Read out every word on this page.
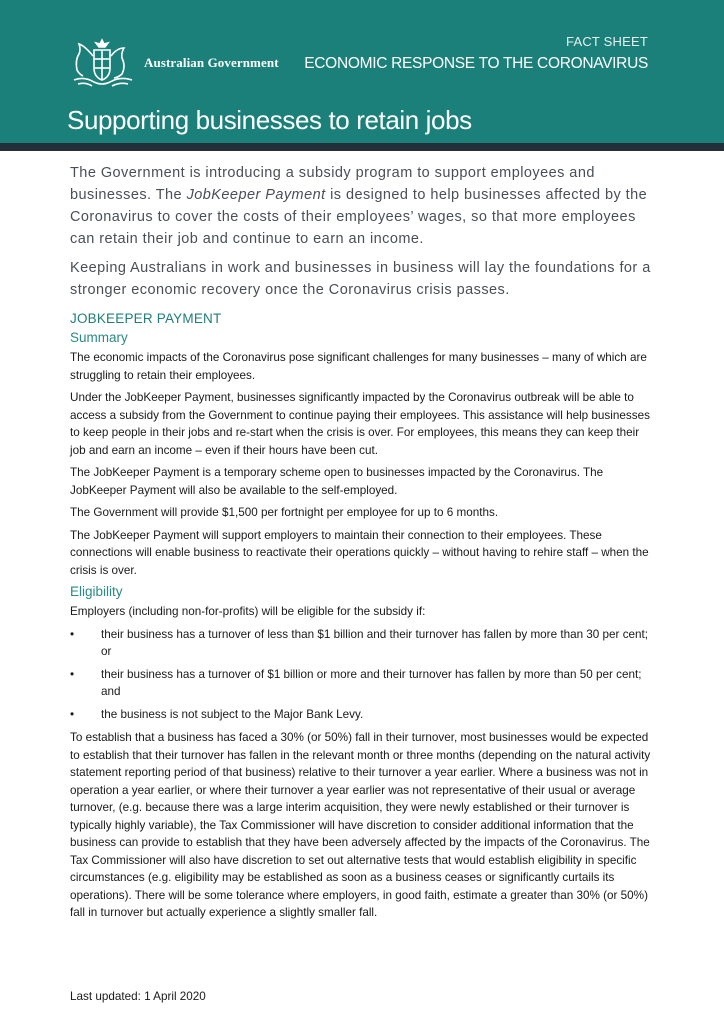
Australian Government
FACT SHEET
ECONOMIC RESPONSE TO THE CORONAVIRUS
Supporting businesses to retain jobs

The Government is introducing a subsidy program to support employees and businesses. The JobKeeper Payment is designed to help businesses affected by the Coronavirus to cover the costs of their employees’ wages, so that more employees can retain their job and continue to earn an income.

Keeping Australians in work and businesses in business will lay the foundations for a stronger economic recovery once the Coronavirus crisis passes.

JOBKEEPER PAYMENT
Summary

The economic impacts of the Coronavirus pose significant challenges for many businesses – many of which are struggling to retain their employees.

Under the JobKeeper Payment, businesses significantly impacted by the Coronavirus outbreak will be able to access a subsidy from the Government to continue paying their employees. This assistance will help businesses to keep people in their jobs and re-start when the crisis is over. For employees, this means they can keep their job and earn an income – even if their hours have been cut.

The JobKeeper Payment is a temporary scheme open to businesses impacted by the Coronavirus. The JobKeeper Payment will also be available to the self-employed.

The Government will provide $1,500 per fortnight per employee for up to 6 months.

The JobKeeper Payment will support employers to maintain their connection to their employees. These connections will enable business to reactivate their operations quickly – without having to rehire staff – when the crisis is over.

Eligibility

Employers (including non-for-profits) will be eligible for the subsidy if:

• their business has a turnover of less than $1 billion and their turnover has fallen by more than 30 per cent; or
• their business has a turnover of $1 billion or more and their turnover has fallen by more than 50 per cent; and
• the business is not subject to the Major Bank Levy.

To establish that a business has faced a 30% (or 50%) fall in their turnover, most businesses would be expected to establish that their turnover has fallen in the relevant month or three months (depending on the natural activity statement reporting period of that business) relative to their turnover a year earlier. Where a business was not in operation a year earlier, or where their turnover a year earlier was not representative of their usual or average turnover, (e.g. because there was a large interim acquisition, they were newly established or their turnover is typically highly variable), the Tax Commissioner will have discretion to consider additional information that the business can provide to establish that they have been adversely affected by the impacts of the Coronavirus. The Tax Commissioner will also have discretion to set out alternative tests that would establish eligibility in specific circumstances (e.g. eligibility may be established as soon as a business ceases or significantly curtails its operations). There will be some tolerance where employers, in good faith, estimate a greater than 30% (or 50%) fall in turnover but actually experience a slightly smaller fall.

Last updated: 1 April 2020
